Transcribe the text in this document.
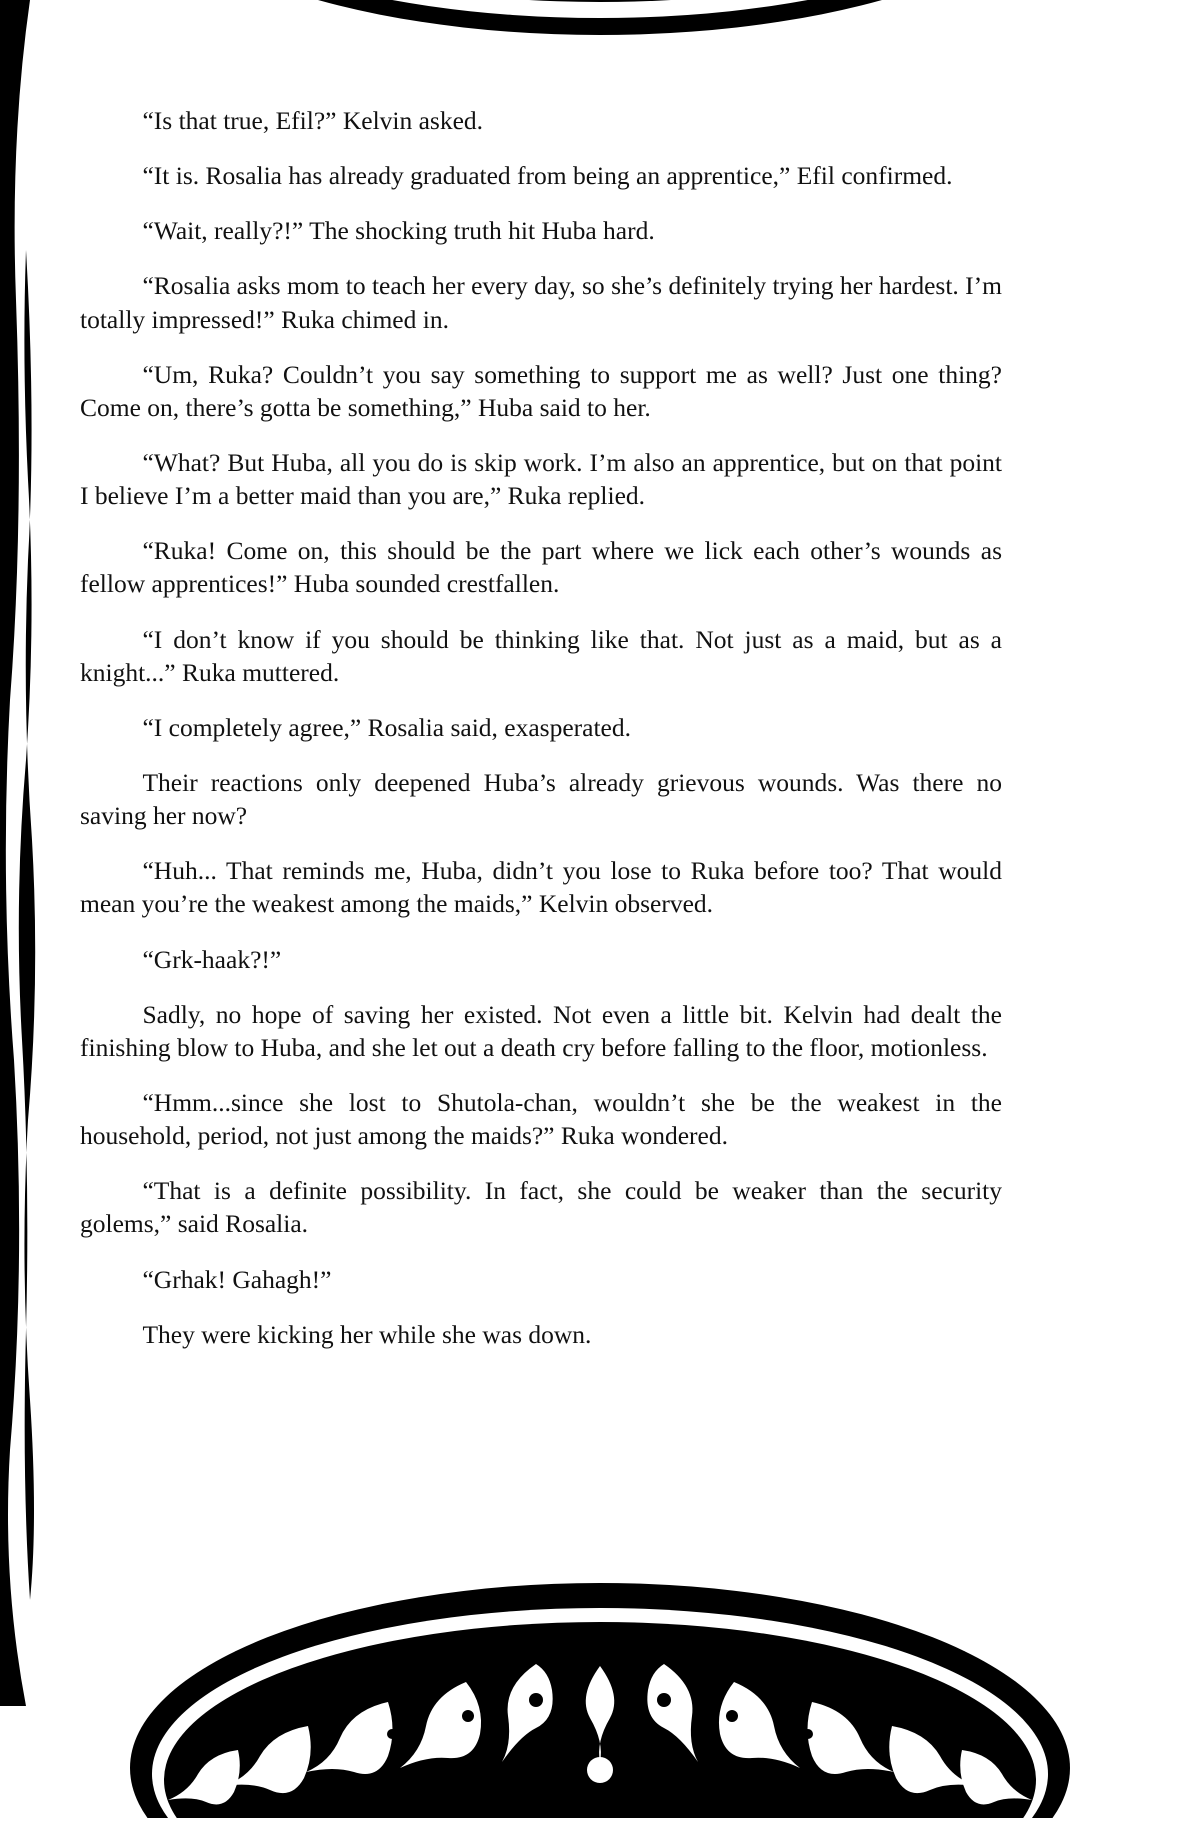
“Is that true, Efil?” Kelvin asked.

“It is. Rosalia has already graduated from being an apprentice,” Efil confirmed.

“Wait, really?!” The shocking truth hit Huba hard.

“Rosalia asks mom to teach her every day, so she’s definitely trying her hardest. I’m totally impressed!” Ruka chimed in.

“Um, Ruka? Couldn’t you say something to support me as well? Just one thing? Come on, there’s gotta be something,” Huba said to her.

“What? But Huba, all you do is skip work. I’m also an apprentice, but on that point I believe I’m a better maid than you are,” Ruka replied.

“Ruka! Come on, this should be the part where we lick each other’s wounds as fellow apprentices!” Huba sounded crestfallen.

“I don’t know if you should be thinking like that. Not just as a maid, but as a knight...” Ruka muttered.

“I completely agree,” Rosalia said, exasperated.

Their reactions only deepened Huba’s already grievous wounds. Was there no saving her now?

“Huh... That reminds me, Huba, didn’t you lose to Ruka before too? That would mean you’re the weakest among the maids,” Kelvin observed.

“Grk-haak?!”

Sadly, no hope of saving her existed. Not even a little bit. Kelvin had dealt the finishing blow to Huba, and she let out a death cry before falling to the floor, motionless.

“Hmm...since she lost to Shutola-chan, wouldn’t she be the weakest in the household, period, not just among the maids?” Ruka wondered.

“That is a definite possibility. In fact, she could be weaker than the security golems,” said Rosalia.

“Grhak! Gahagh!”

They were kicking her while she was down.
